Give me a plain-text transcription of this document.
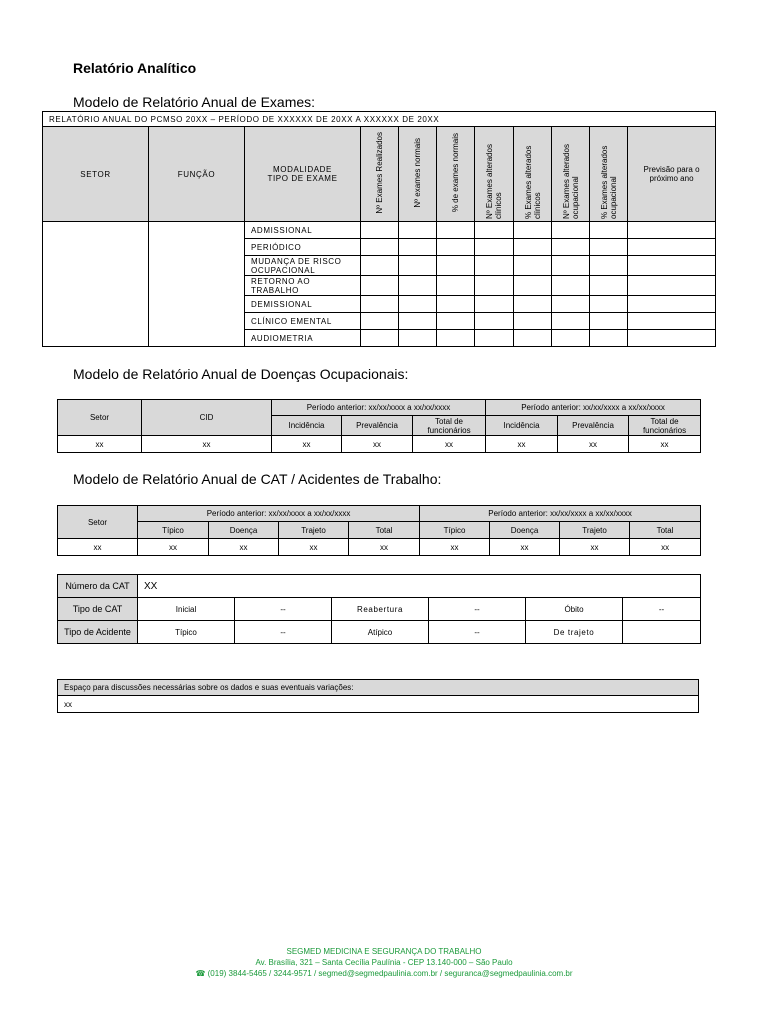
Relatório Analítico
Modelo de Relatório Anual de Exames:
RELATÓRIO ANUAL DO PCMSO 20XX – PERÍODO DE XXXXXX DE 20XX A XXXXXX DE 20XX										
SETOR	FUNÇÃO	MODALIDADE TIPO DE EXAME	Nº Exames Realizados	Nº exames normais	% de exames normais	Nº Exames alterados clínicos	% Exames alterados clínicos	Nº Exames alterados ocupacional	% Exames alterados ocupacional	Previsão para o próximo ano
		ADMISSIONAL								
		PERIÓDICO								
		MUDANÇA DE RISCO OCUPACIONAL								
		RETORNO AO TRABALHO								
		DEMISSIONAL								
		CLÍNICO EMENTAL								
		AUDIOMETRIA								
Modelo de Relatório Anual de Doenças Ocupacionais:
Setor	CID	Período anterior: xx/xx/xxxx a xx/xx/xxxx			Período anterior: xx/xx/xxxx a xx/xx/xxxx		
		Incidência	Prevalência	Total de funcionários	Incidência	Prevalência	Total de funcionários
xx	xx	xx	xx	xx	xx	xx	xx
Modelo de Relatório Anual de CAT / Acidentes de Trabalho:
Setor	Período anterior: xx/xx/xxxx a xx/xx/xxxx				Período anterior: xx/xx/xxxx a xx/xx/xxxx			
	Típico	Doença	Trajeto	Total	Típico	Doença	Trajeto	Total
xx	xx	xx	xx	xx	xx	xx	xx	xx
Número da CAT	XX					
Tipo de CAT	Inicial	--	Reabertura	--	Óbito	--
Tipo de Acidente	Típico	--	Atípico	--	De trajeto	
Espaço para discussões necessárias sobre os dados e suas eventuais variações:
xx
SEGMED MEDICINA E SEGURANÇA DO TRABALHO
Av. Brasília, 321 – Santa Cecília Paulínia - CEP 13.140-000 – São Paulo
☎ (019) 3844-5465 / 3244-9571 / segmed@segmedpaulinia.com.br / seguranca@segmedpaulinia.com.br
